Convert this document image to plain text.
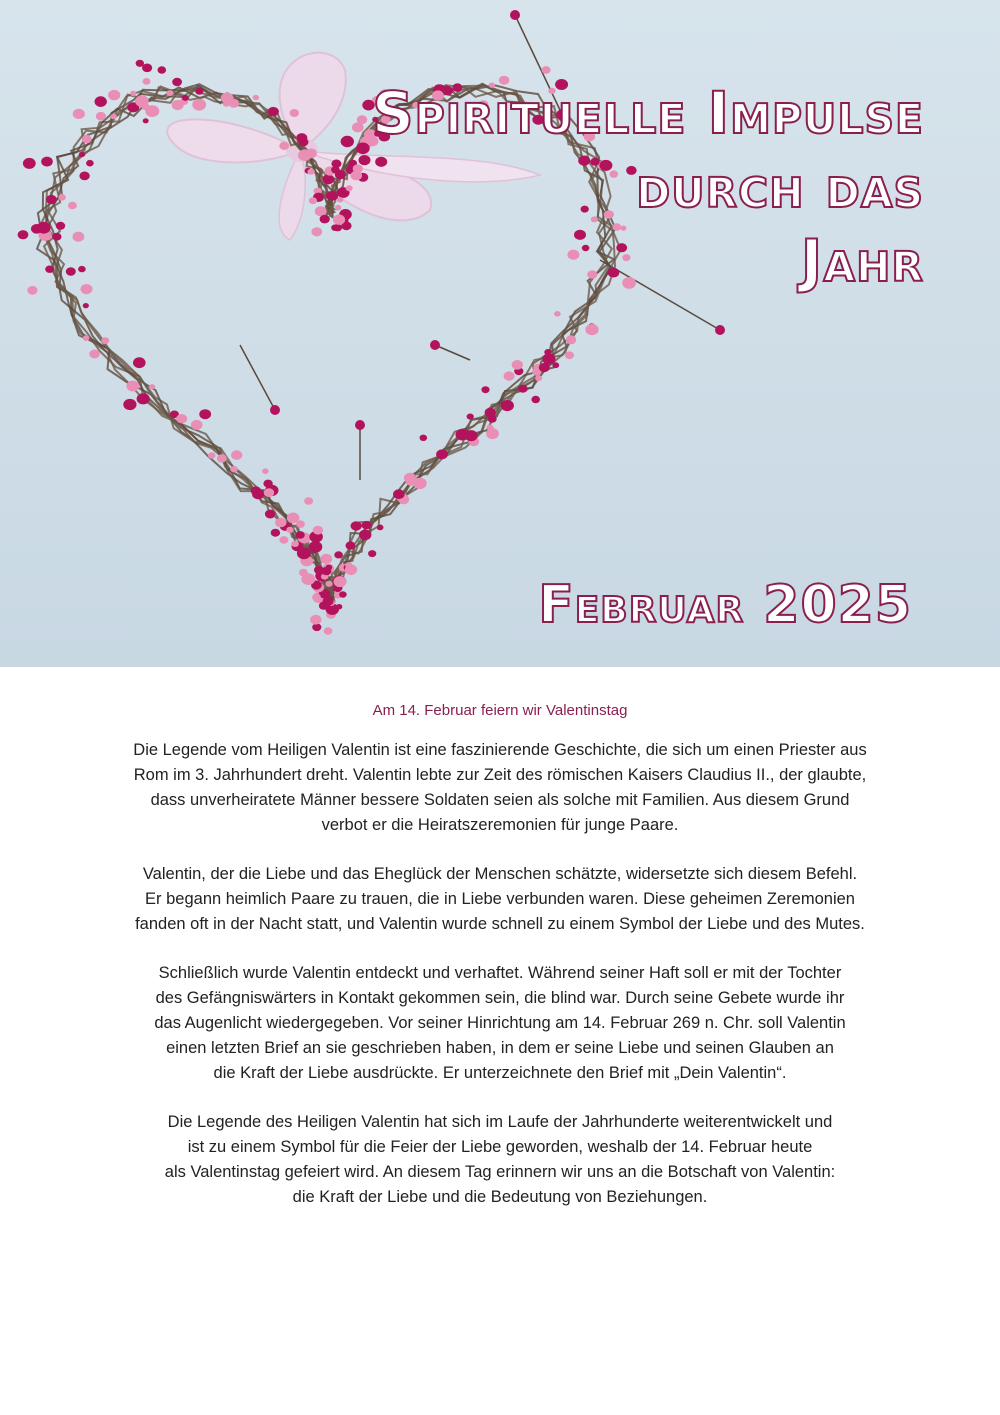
Spirituelle Impulse
durch das
Jahr
Februar 2025
Am 14. Februar feiern wir Valentinstag
Die Legende vom Heiligen Valentin ist eine faszinierende Geschichte, die sich um einen Priester aus
Rom im 3. Jahrhundert dreht. Valentin lebte zur Zeit des römischen Kaisers Claudius II., der glaubte,
dass unverheiratete Männer bessere Soldaten seien als solche mit Familien. Aus diesem Grund
verbot er die Heiratszeremonien für junge Paare.
Valentin, der die Liebe und das Eheglück der Menschen schätzte, widersetzte sich diesem Befehl.
Er begann heimlich Paare zu trauen, die in Liebe verbunden waren. Diese geheimen Zeremonien
fanden oft in der Nacht statt, und Valentin wurde schnell zu einem Symbol der Liebe und des Mutes.
Schließlich wurde Valentin entdeckt und verhaftet. Während seiner Haft soll er mit der Tochter
des Gefängniswärters in Kontakt gekommen sein, die blind war. Durch seine Gebete wurde ihr
das Augenlicht wiedergegeben. Vor seiner Hinrichtung am 14. Februar 269 n. Chr. soll Valentin
einen letzten Brief an sie geschrieben haben, in dem er seine Liebe und seinen Glauben an
die Kraft der Liebe ausdrückte. Er unterzeichnete den Brief mit „Dein Valentin“.
Die Legende des Heiligen Valentin hat sich im Laufe der Jahrhunderte weiterentwickelt und
ist zu einem Symbol für die Feier der Liebe geworden, weshalb der 14. Februar heute
als Valentinstag gefeiert wird. An diesem Tag erinnern wir uns an die Botschaft von Valentin:
die Kraft der Liebe und die Bedeutung von Beziehungen.
